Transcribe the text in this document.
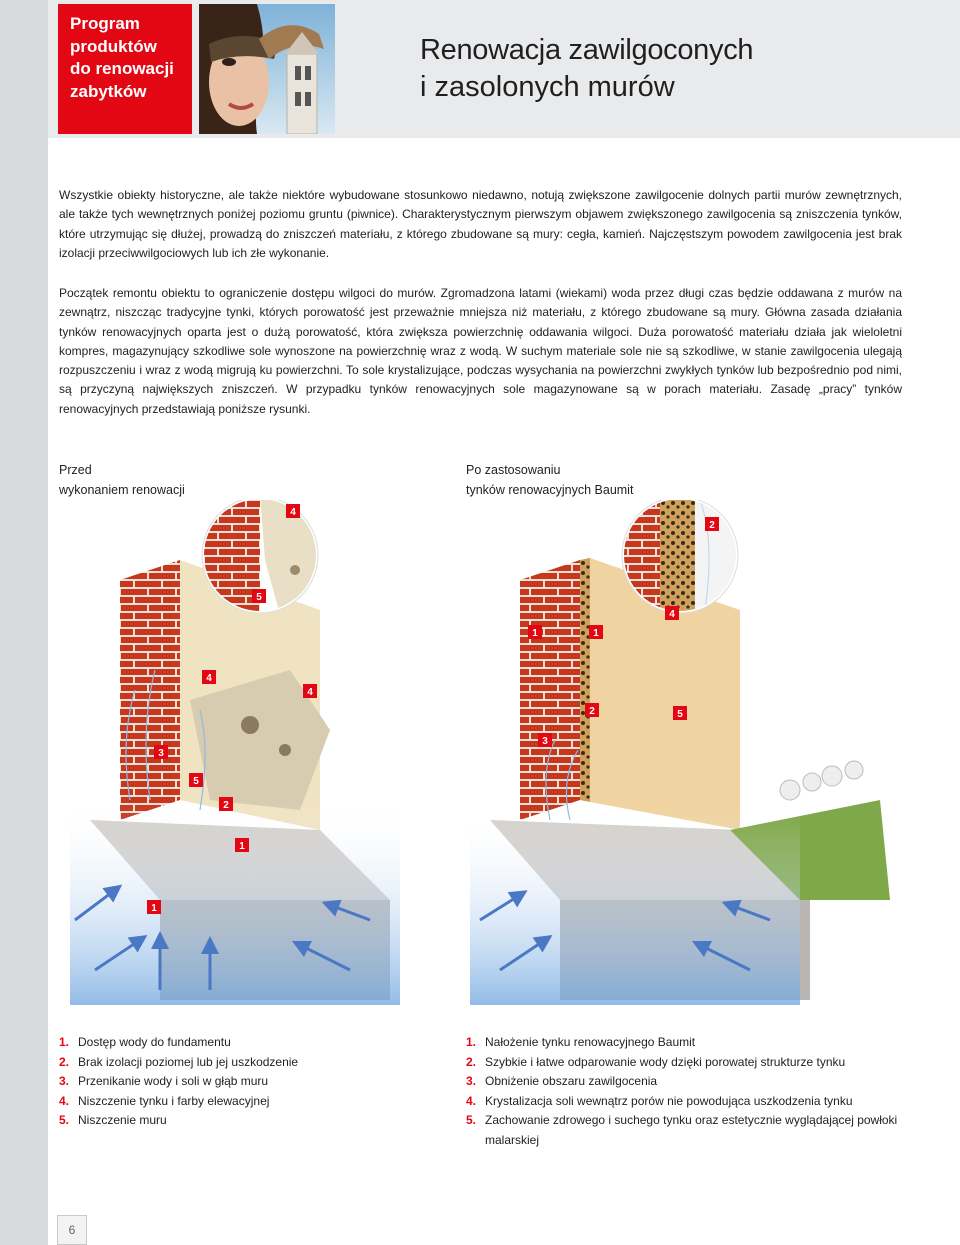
Program
produktów
do renowacji
zabytków
Renowacja zawilgoconych
i zasolonych murów

Wszystkie obiekty historyczne, ale także niektóre wybudowane stosunkowo niedawno, notują zwiększone zawilgocenie dolnych partii murów zewnętrznych, ale także tych wewnętrznych poniżej poziomu gruntu (piwnice). Charakterystycznym pierwszym objawem zwiększonego zawilgocenia są zniszczenia tynków, które utrzymując się dłużej, prowadzą do zniszczeń materiału, z którego zbudowane są mury: cegła, kamień. Najczęstszym powodem zawilgocenia jest brak izolacji przeciwwilgociowych lub ich złe wykonanie.

Początek remontu obiektu to ograniczenie dostępu wilgoci do murów. Zgromadzona latami (wiekami) woda przez długi czas będzie oddawana z murów na zewnątrz, niszcząc tradycyjne tynki, których porowatość jest przeważnie mniejsza niż materiału, z którego zbudowane są mury. Główna zasada działania tynków renowacyjnych oparta jest o dużą porowatość, która zwiększa powierzchnię oddawania wilgoci. Duża porowatość materiału działa jak wieloletni kompres, magazynujący szkodliwe sole wynoszone na powierzchnię wraz z wodą. W suchym materiale sole nie są szkodliwe, w stanie zawilgocenia ulegają rozpuszczeniu i wraz z wodą migrują ku powierzchni. To sole krystalizujące, podczas wysychania na powierzchni zwykłych tynków lub bezpośrednio pod nimi, są przyczyną największych zniszczeń. W przypadku tynków renowacyjnych sole magazynowane są w porach materiału. Zasadę „pracy” tynków renowacyjnych przedstawiają poniższe rysunki.

Przed
wykonaniem renowacji
Po zastosowaniu
tynków renowacyjnych Baumit
4
5
4
4
3
5
2
1
1
2
4
1	1
2	5
3
1. Dostęp wody do fundamentu
2. Brak izolacji poziomej lub jej uszkodzenie
3. Przenikanie wody i soli w głąb muru
4. Niszczenie tynku i farby elewacyjnej
5. Niszczenie muru
1. Nałożenie tynku renowacyjnego Baumit
2. Szybkie i łatwe odparowanie wody dzięki porowatej strukturze tynku
3. Obniżenie obszaru zawilgocenia
4. Krystalizacja soli wewnątrz porów nie powodująca uszkodzenia tynku
5. Zachowanie zdrowego i suchego tynku oraz estetycznie wyglądającej powłoki malarskiej
6
